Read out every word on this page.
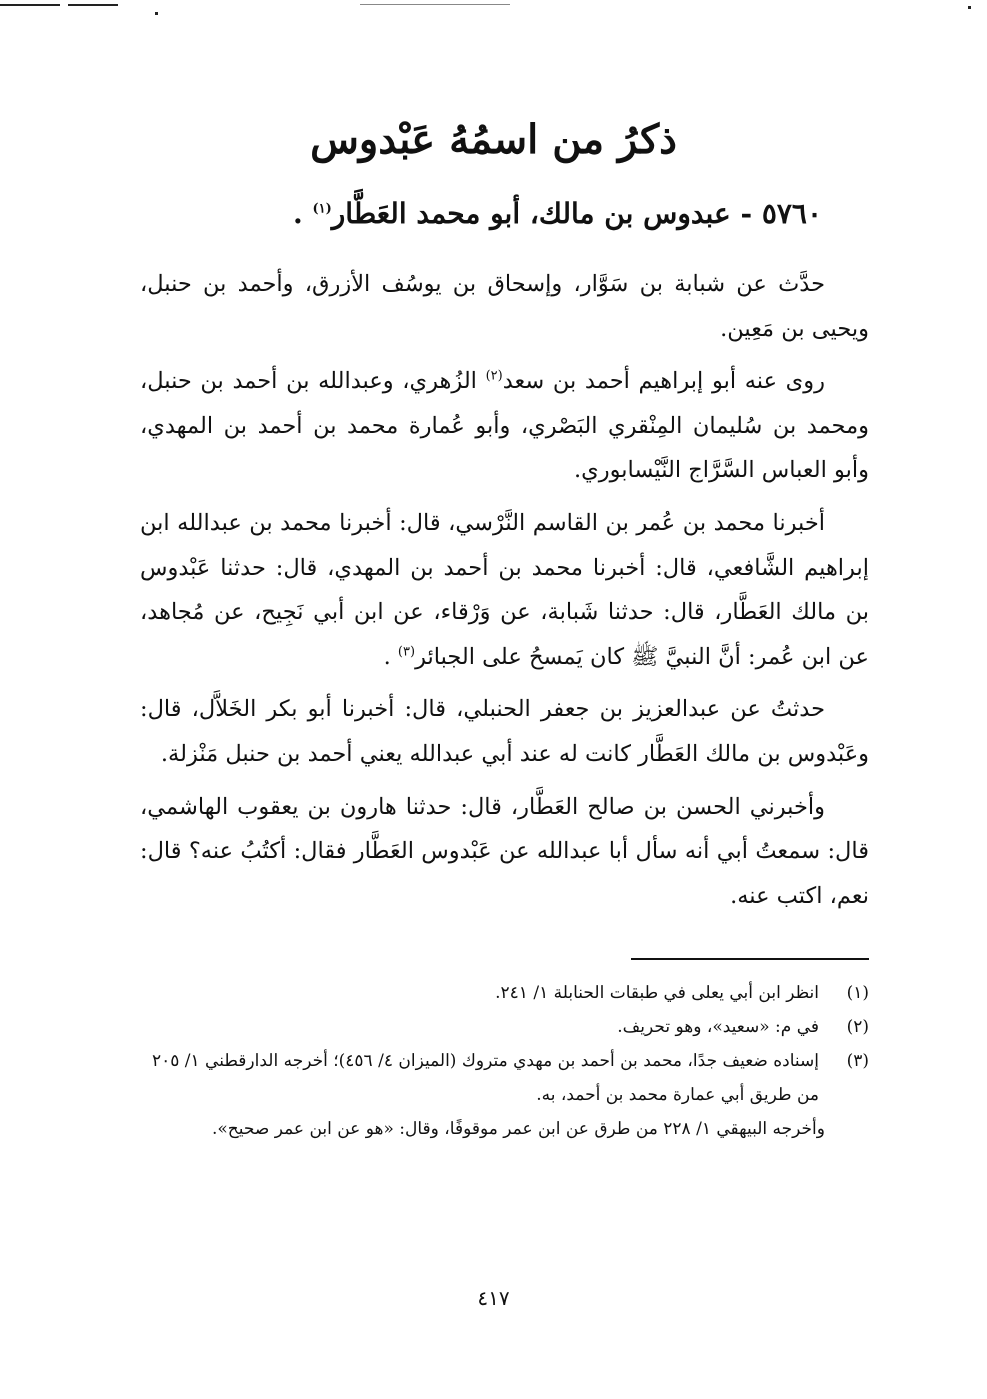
ذكرُ من اسمُهُ عَبْدوس
٥٧٦٠ - عبدوس بن مالك، أبو محمد العَطَّار$^{(١)}$ .

حدَّث عن شبابة بن سَوَّار، وإسحاق بن يوسُف الأزرق، وأحمد بن حنبل، ويحيى بن مَعِين.

روى عنه أبو إبراهيم أحمد بن سعد$^{(٢)}$ الزُهري، وعبدالله بن أحمد بن حنبل، ومحمد بن سُليمان المِنْقري البَصْري، وأبو عُمارة محمد بن أحمد بن المهدي، وأبو العباس السَّرَّاج النَّيْسابوري.

أخبرنا محمد بن عُمر بن القاسم النَّرْسي، قال: أخبرنا محمد بن عبدالله ابن إبراهيم الشَّافعي، قال: أخبرنا محمد بن أحمد بن المهدي، قال: حدثنا عَبْدوس بن مالك العَطَّار، قال: حدثنا شَبابة، عن وَرْقاء، عن ابن أبي نَجِيح، عن مُجاهد، عن ابن عُمر: أنَّ النبيَّ ﷺ كان يَمسحُ على الجبائر$^{(٣)}$ .

حدثتُ عن عبدالعزيز بن جعفر الحنبلي، قال: أخبرنا أبو بكر الخَلاَّل، قال: وعَبْدوس بن مالك العَطَّار كانت له عند أبي عبدالله يعني أحمد بن حنبل مَنْزلة.

وأخبرني الحسن بن صالح العَطَّار، قال: حدثنا هارون بن يعقوب الهاشمي، قال: سمعتُ أبي أنه سأل أبا عبدالله عن عَبْدوس العَطَّار فقال: أكتُبُ عنه؟ قال: نعم، اكتب عنه.

(١)
انظر ابن أبي يعلى في طبقات الحنابلة ١/ ٢٤١.
(٢)
في م: «سعيد»، وهو تحريف.
(٣)
إسناده ضعيف جدًا، محمد بن أحمد بن مهدي متروك (الميزان ٤/ ٤٥٦)؛ أخرجه الدارقطني ١/ ٢٠٥ من طريق أبي عمارة محمد بن أحمد، به.

وأخرجه البيهقي ١/ ٢٢٨ من طرق عن ابن عمر موقوفًا، وقال: «هو عن ابن عمر صحيح».

٤١٧
